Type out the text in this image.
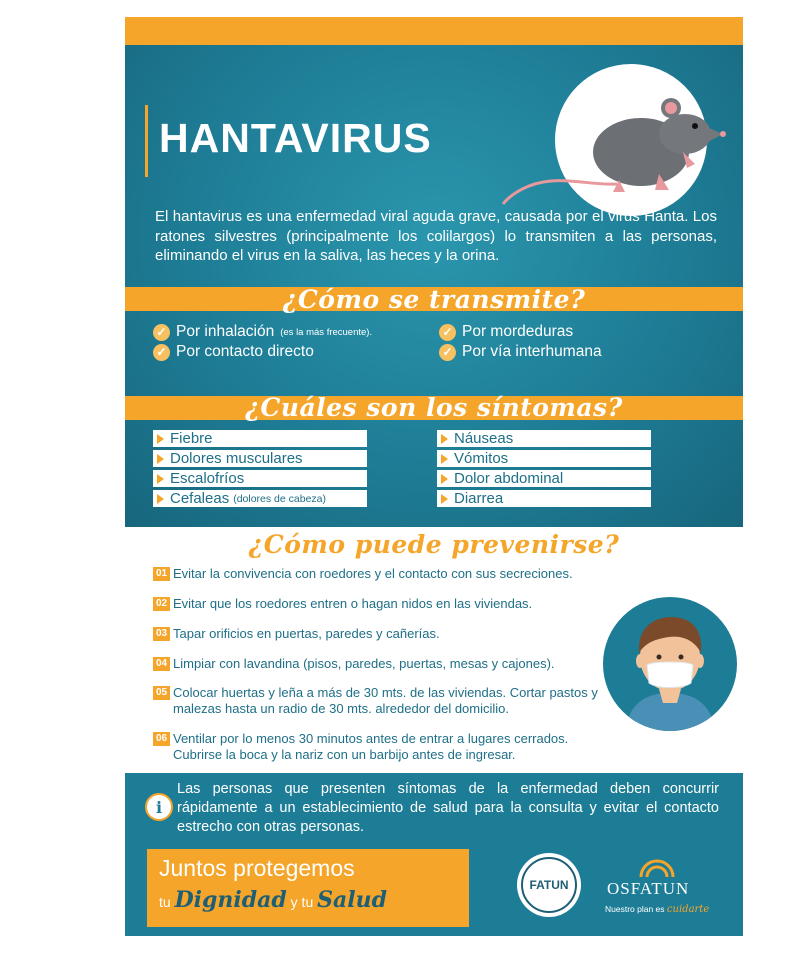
HANTAVIRUS

El hantavirus es una enfermedad viral aguda grave, causada por el virus Hanta. Los ratones silvestres (principalmente los colilargos) lo transmiten a las personas, eliminando el virus en la saliva, las heces y la orina.

¿Cómo se transmite?

✓ Por inhalación (es la más frecuente).
✓ Por contacto directo
✓ Por mordeduras
✓ Por vía interhumana

¿Cuáles son los síntomas?

Fiebre
Dolores musculares
Escalofríos
Cefaleas (dolores de cabeza)
Náuseas
Vómitos
Dolor abdominal
Diarrea

¿Cómo puede prevenirse?

01 Evitar la convivencia con roedores y el contacto con sus secreciones.
02 Evitar que los roedores entren o hagan nidos en las viviendas.
03 Tapar orificios en puertas, paredes y cañerías.
04 Limpiar con lavandina (pisos, paredes, puertas, mesas y cajones).
05 Colocar huertas y leña a más de 30 mts. de las viviendas. Cortar pastos y malezas hasta un radio de 30 mts. alrededor del domicilio.
06 Ventilar por lo menos 30 minutos antes de entrar a lugares cerrados. Cubrirse la boca y la nariz con un barbijo antes de ingresar.
i

Las personas que presenten síntomas de la enfermedad deben concurrir rápidamente a un establecimiento de salud para la consulta y evitar el contacto estrecho con otras personas.

Juntos protegemos

tu Dignidad y tu Salud

FATUN	OSFATUN

Nuestro plan es cuidarte
